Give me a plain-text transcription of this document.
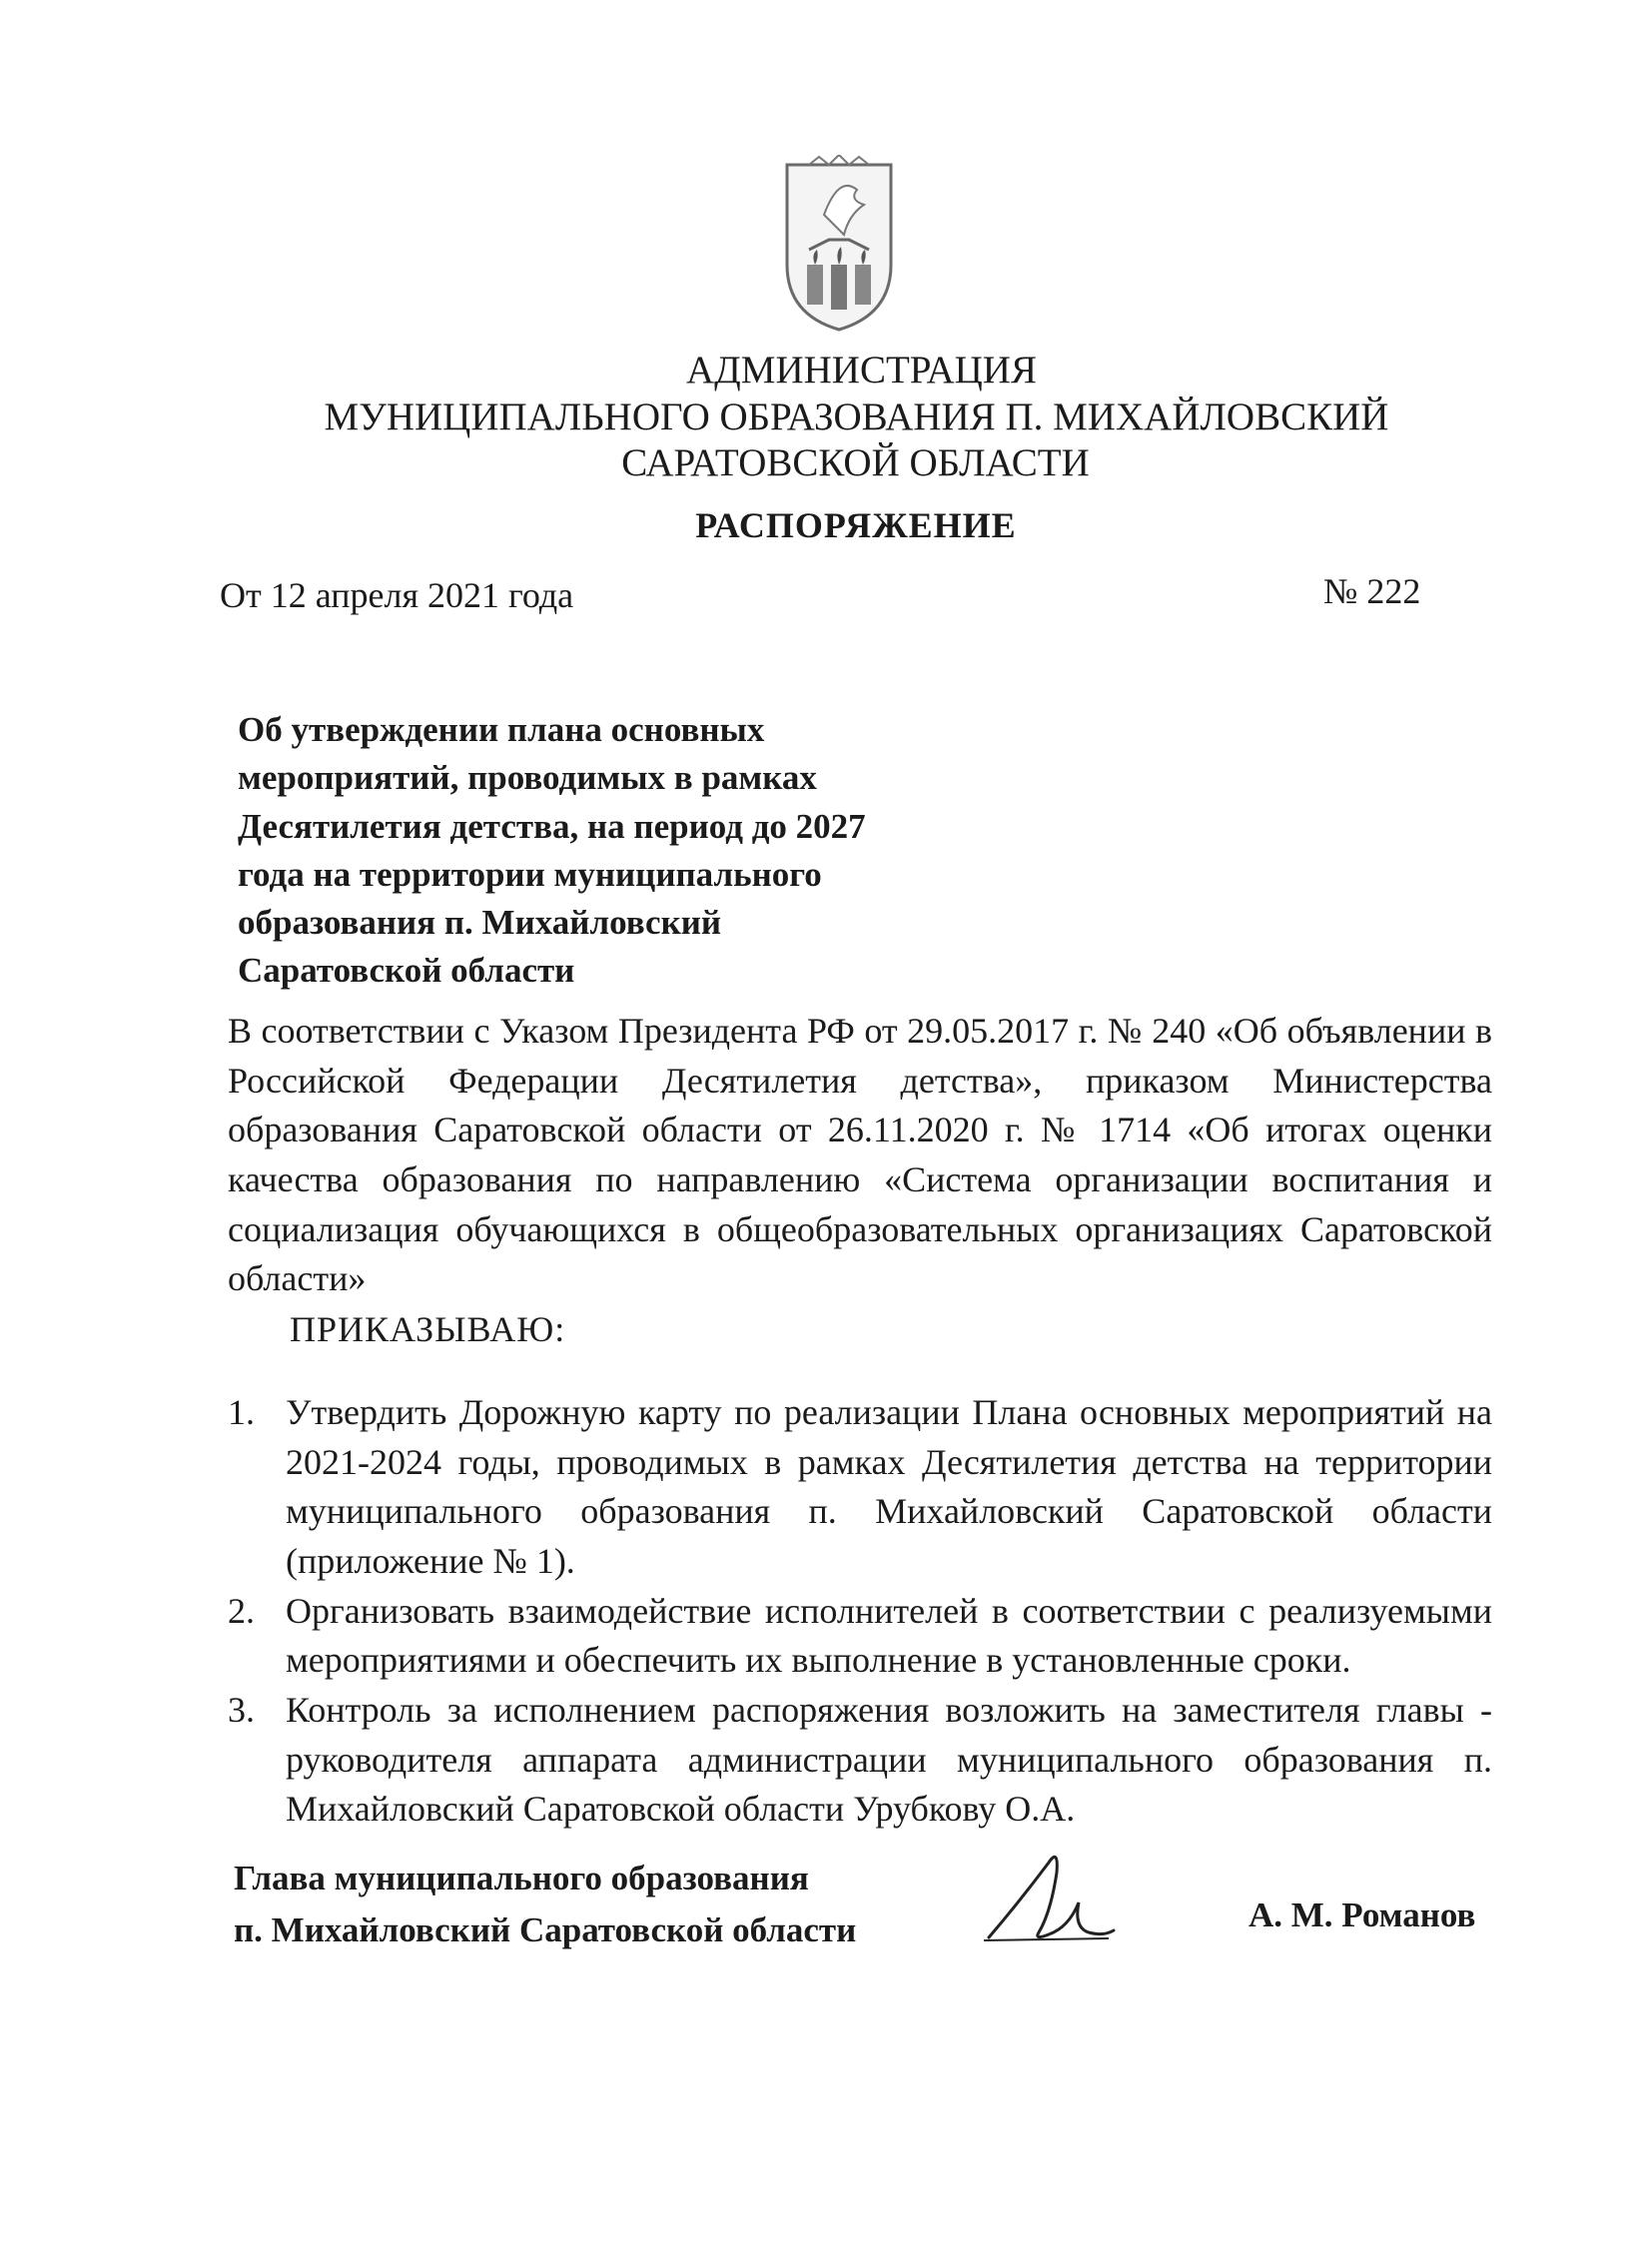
АДМИНИСТРАЦИЯ
МУНИЦИПАЛЬНОГО ОБРАЗОВАНИЯ П. МИХАЙЛОВСКИЙ
САРАТОВСКОЙ ОБЛАСТИ
РАСПОРЯЖЕНИЕ
От 12 апреля 2021 года	№ 222
Об утверждении плана основных
мероприятий, проводимых в рамках
Десятилетия детства, на период до 2027
года на территории муниципального
образования п. Михайловский
Саратовской области
В соответствии с Указом Президента РФ от 29.05.2017 г. № 240 «Об объявлении в Российской Федерации Десятилетия детства», приказом Министерства образования Саратовской области от 26.11.2020 г. № 1714 «Об итогах оценки качества образования по направлению «Система организации воспитания и социализация обучающихся в общеобразовательных организациях Саратовской области»
ПРИКАЗЫВАЮ:
1. Утвердить Дорожную карту по реализации Плана основных мероприятий на 2021-2024 годы, проводимых в рамках Десятилетия детства на территории муниципального образования п. Михайловский Саратовской области (приложение № 1).
2. Организовать взаимодействие исполнителей в соответствии с реализуемыми мероприятиями и обеспечить их выполнение в установленные сроки.
3. Контроль за исполнением распоряжения возложить на заместителя главы - руководителя аппарата администрации муниципального образования п. Михайловский Саратовской области Урубкову О.А.
Глава муниципального образования
п. Михайловский Саратовской области	А. М. Романов
